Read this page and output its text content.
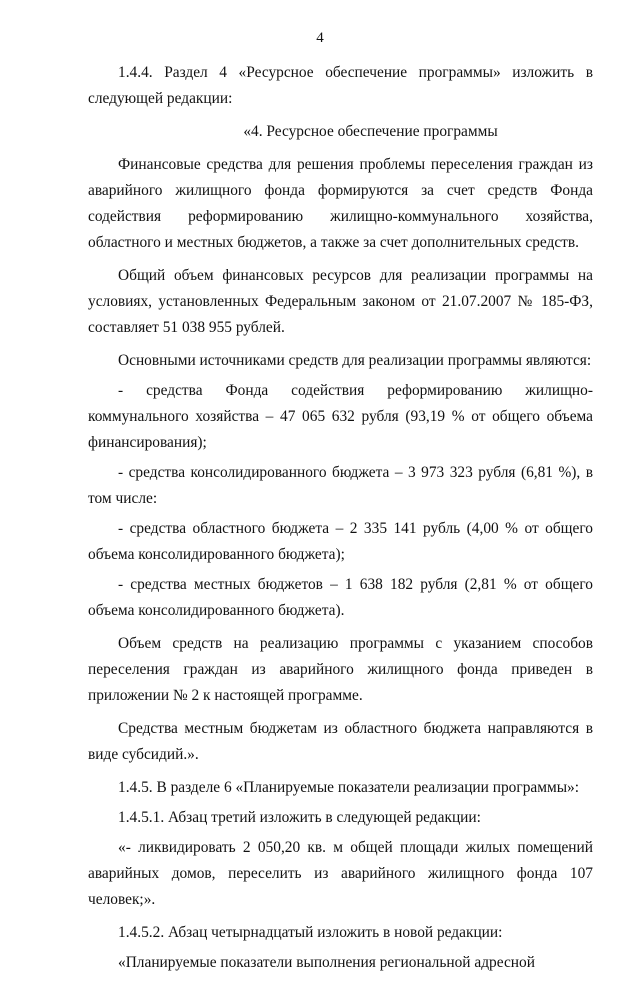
4

1.4.4. Раздел 4 «Ресурсное обеспечение программы» изложить в следующей редакции:

«4. Ресурсное обеспечение программы

Финансовые средства для решения проблемы переселения граждан из аварийного жилищного фонда формируются за счет средств Фонда содействия реформированию жилищно-коммунального хозяйства, областного и местных бюджетов, а также за счет дополнительных средств.

Общий объем финансовых ресурсов для реализации программы на условиях, установленных Федеральным законом от 21.07.2007 № 185-ФЗ, составляет 51 038 955 рублей.

Основными источниками средств для реализации программы являются:

- средства Фонда содействия реформированию жилищно-коммунального хозяйства – 47 065 632 рубля (93,19 % от общего объема финансирования);

- средства консолидированного бюджета – 3 973 323 рубля (6,81 %), в том числе:

- средства областного бюджета – 2 335 141 рубль (4,00 % от общего объема консолидированного бюджета);

- средства местных бюджетов – 1 638 182 рубля (2,81 % от общего объема консолидированного бюджета).

Объем средств на реализацию программы с указанием способов переселения граждан из аварийного жилищного фонда приведен в приложении № 2 к настоящей программе.

Средства местным бюджетам из областного бюджета направляются в виде субсидий.».

1.4.5. В разделе 6 «Планируемые показатели реализации программы»:

1.4.5.1. Абзац третий изложить в следующей редакции:

«- ликвидировать 2 050,20 кв. м общей площади жилых помещений аварийных домов, переселить из аварийного жилищного фонда 107 человек;».

1.4.5.2. Абзац четырнадцатый изложить в новой редакции:

«Планируемые показатели выполнения региональной адресной
